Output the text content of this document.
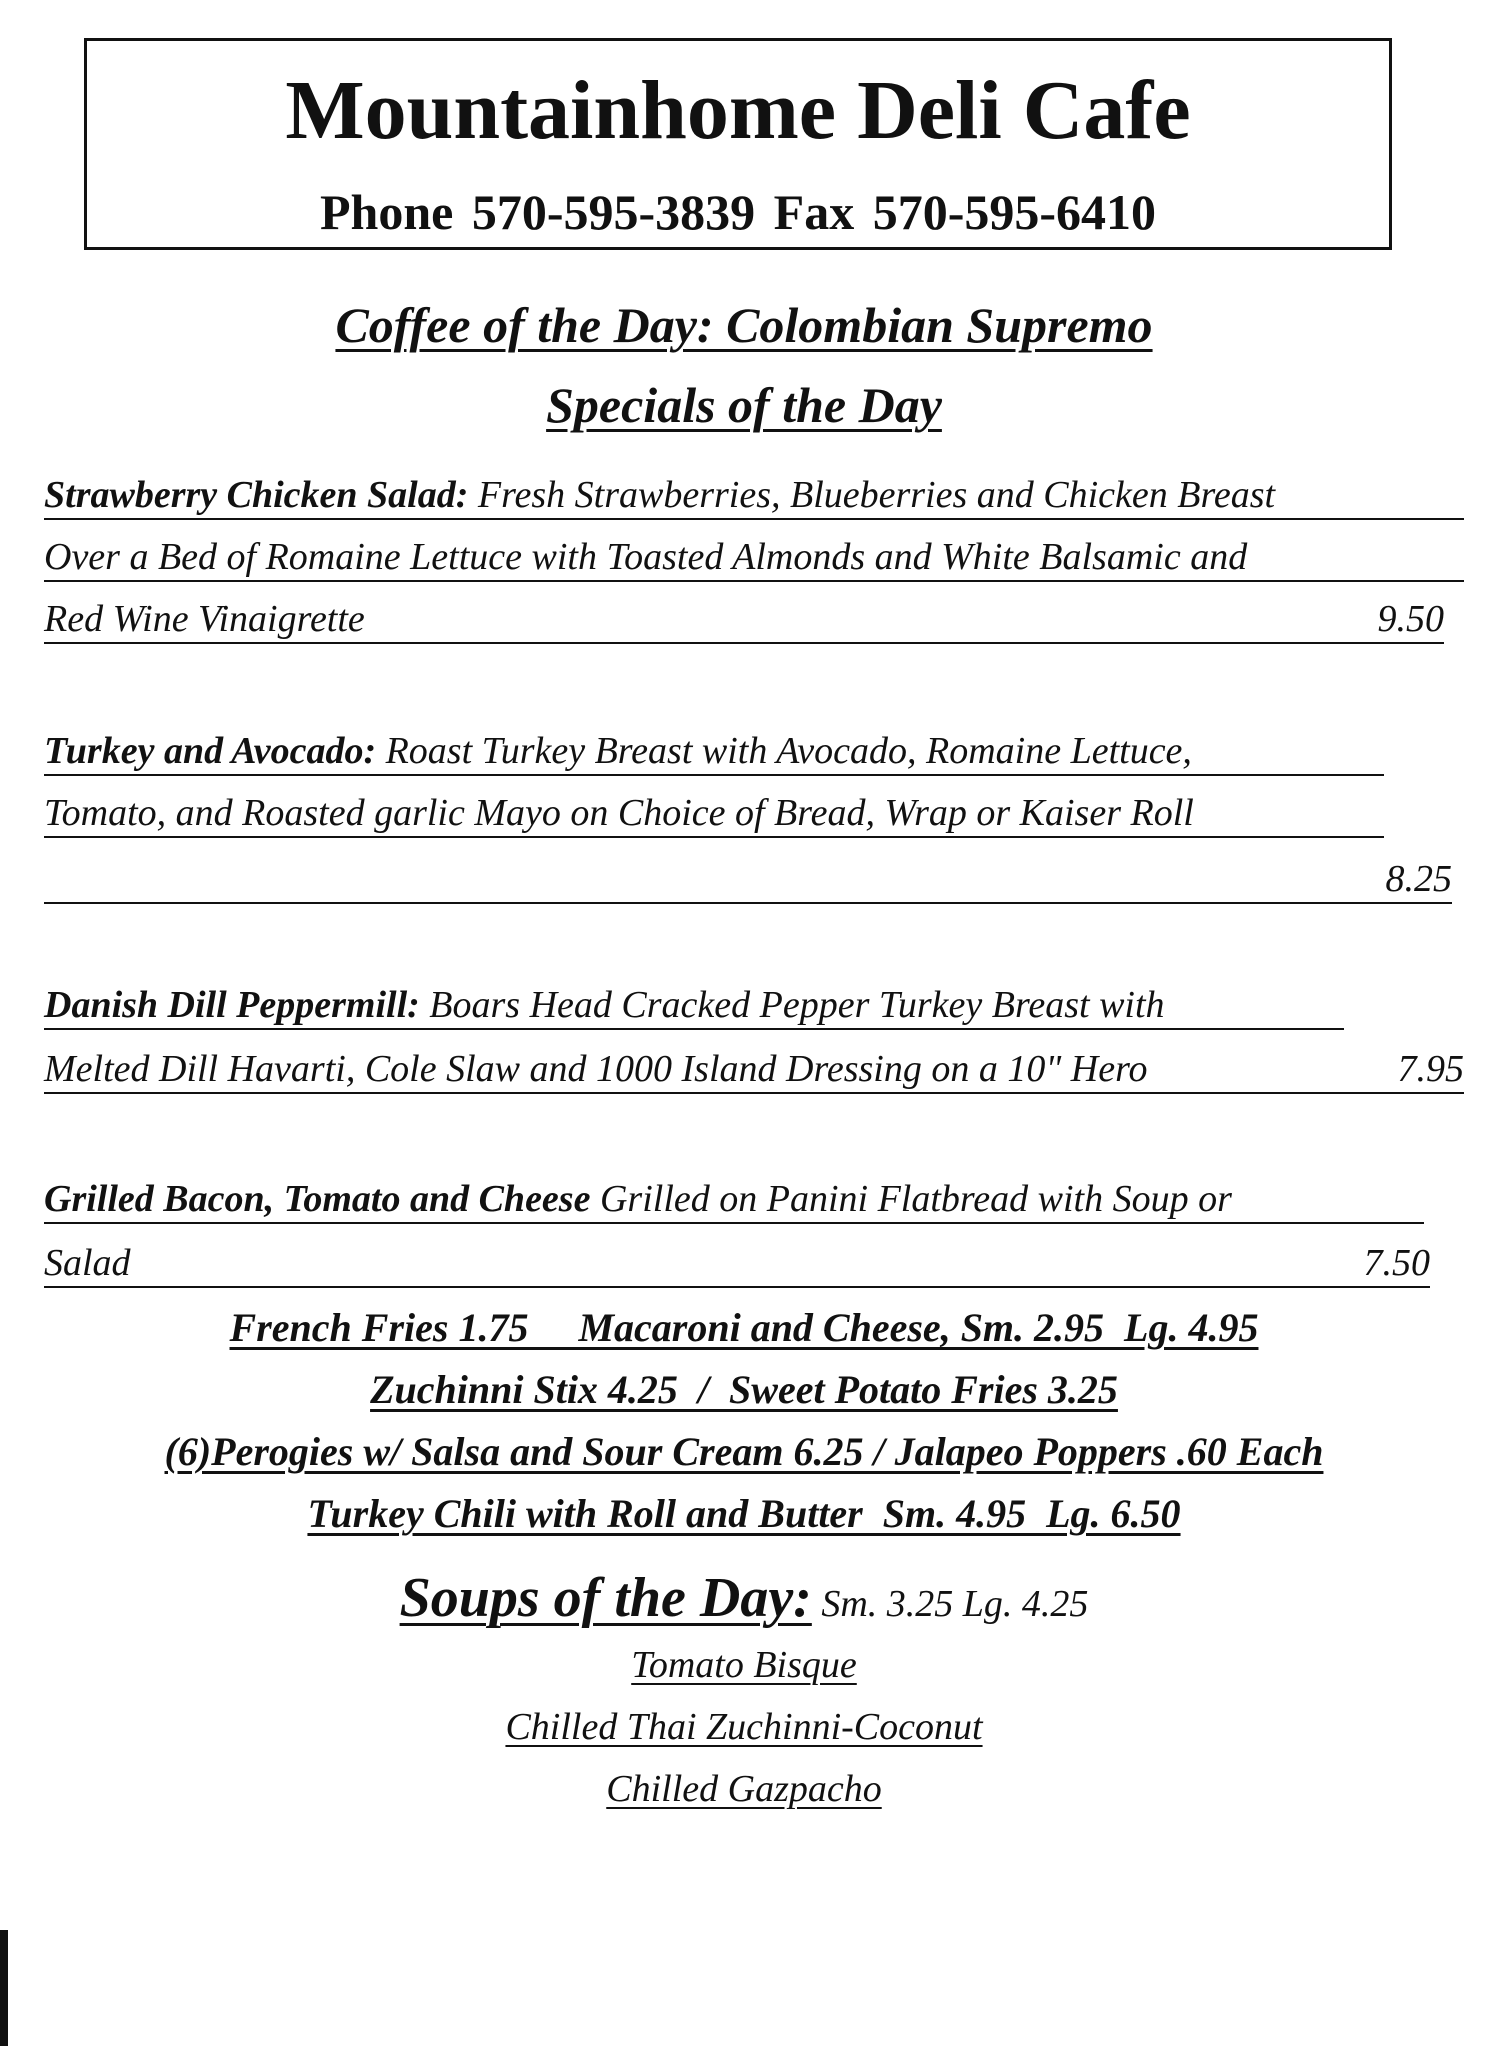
Mountainhome Deli Cafe
Phone 570-595-3839 Fax 570-595-6410
Coffee of the Day: Colombian Supremo
Specials of the Day
Strawberry Chicken Salad: Fresh Strawberries, Blueberries and Chicken Breast
Over a Bed of Romaine Lettuce with Toasted Almonds and White Balsamic and
Red Wine Vinaigrette	9.50
Turkey and Avocado: Roast Turkey Breast with Avocado, Romaine Lettuce,
Tomato, and Roasted garlic Mayo on Choice of Bread, Wrap or Kaiser Roll
8.25
Danish Dill Peppermill: Boars Head Cracked Pepper Turkey Breast with
Melted Dill Havarti, Cole Slaw and 1000 Island Dressing on a 10" Hero	7.95
Grilled Bacon, Tomato and Cheese Grilled on Panini Flatbread with Soup or
Salad	7.50
French Fries 1.75     Macaroni and Cheese, Sm. 2.95  Lg. 4.95
Zuchinni Stix 4.25  /  Sweet Potato Fries 3.25
(6)Perogies w/ Salsa and Sour Cream 6.25 / Jalapeo Poppers .60 Each
Turkey Chili with Roll and Butter  Sm. 4.95  Lg. 6.50
Soups of the Day: Sm. 3.25 Lg. 4.25
Tomato Bisque
Chilled Thai Zuchinni-Coconut
Chilled Gazpacho
